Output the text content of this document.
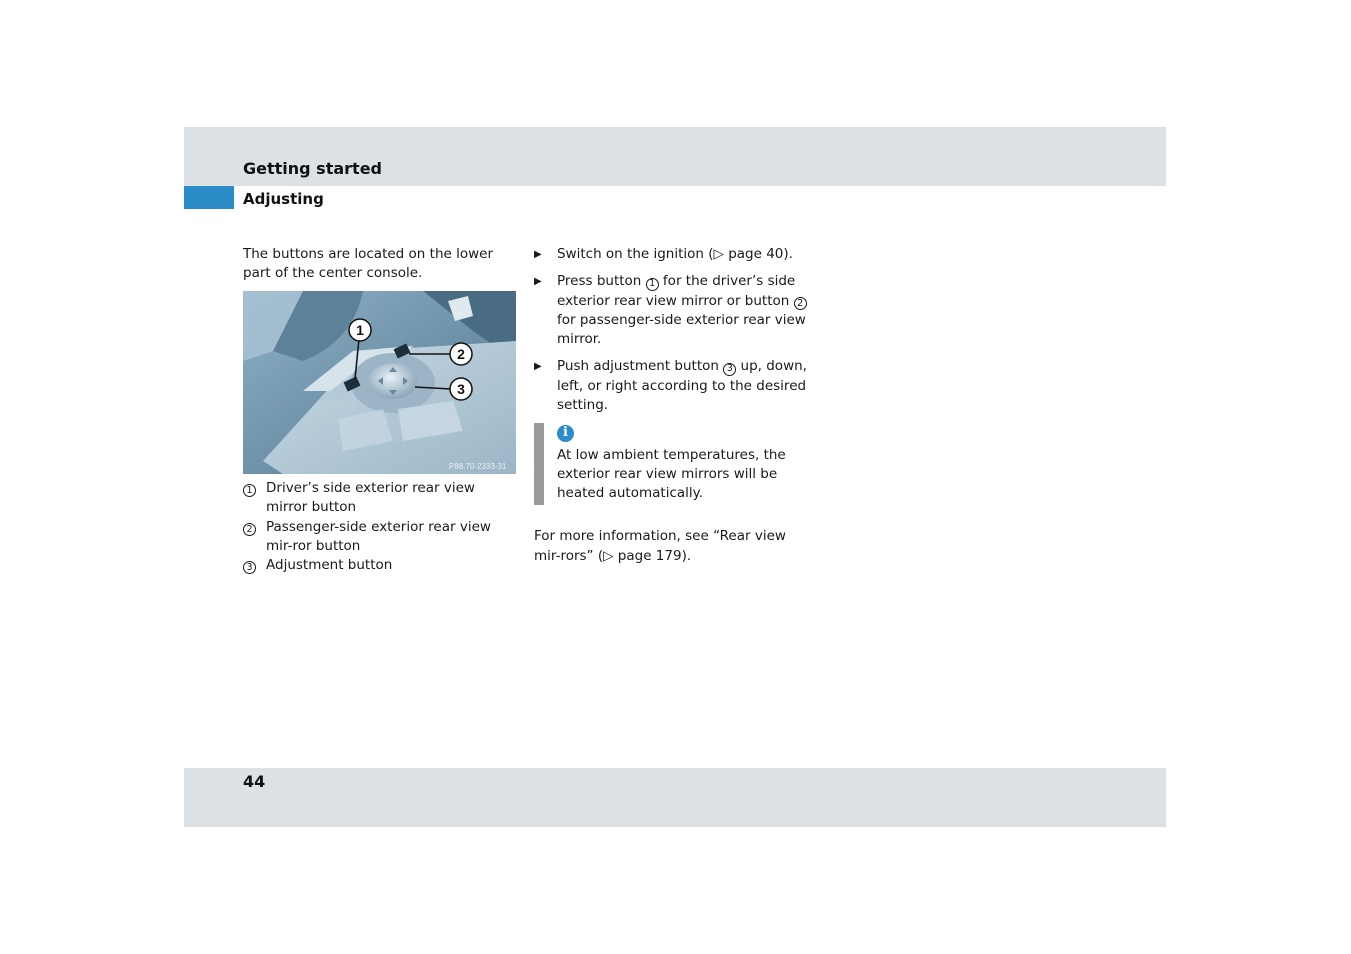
Getting started
Adjusting
The buttons are located on the lower part of the center console.
1
2
3
P88.70-2333-31
1 Driver’s side exterior rear view mirror button
2 Passenger-side exterior rear view mir-ror button
3 Adjustment button
▶	Switch on the ignition (▷ page 40).
▶	Press button 1 for the driver’s side exterior rear view mirror or button 2 for passenger-side exterior rear view mirror.
▶	Push adjustment button 3 up, down, left, or right according to the desired setting.
i
At low ambient temperatures, the exterior rear view mirrors will be heated automatically.
For more information, see “Rear view mir-rors” (▷ page 179).
44
